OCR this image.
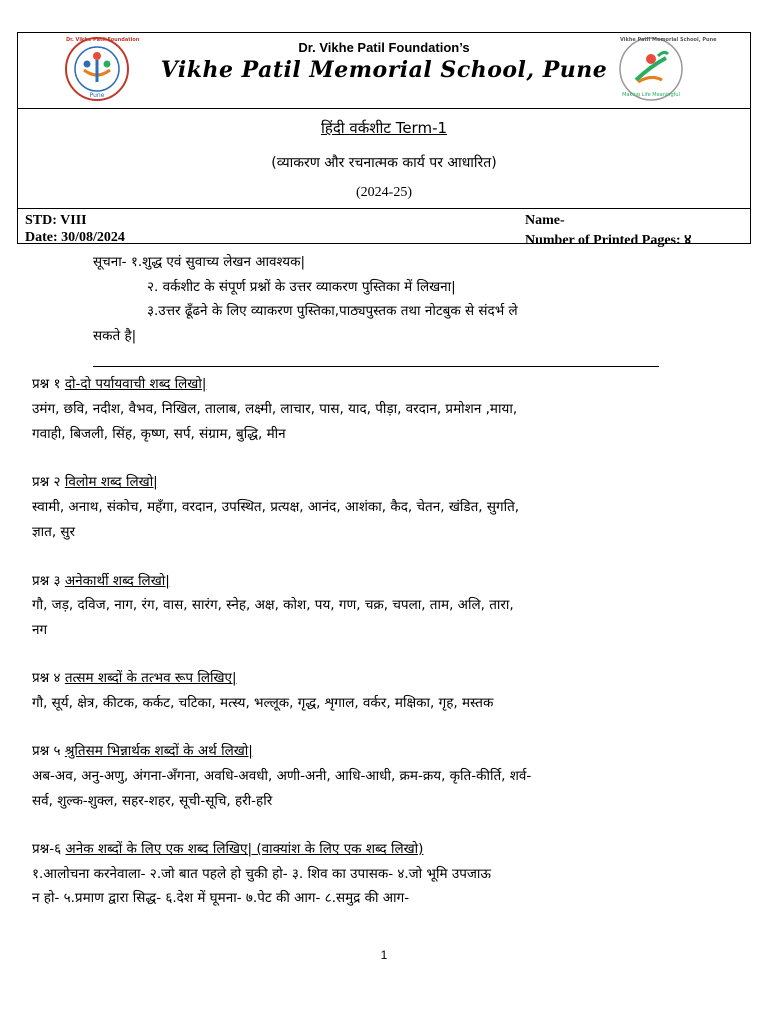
Dr. Vikhe Patil Foundation
Pune
Vikhe Patil Memorial School, Pune
Making Life Meaningful
Dr. Vikhe Patil Foundation’s
Vikhe Patil Memorial School, Pune
हिंदी वर्कशीट Term-1
(व्याकरण और रचनात्मक कार्य पर आधारित)
(2024-25)
STD: VIII
Date: 30/08/2024
Name-
Number of Printed Pages: ४
सूचना- १.शुद्ध एवं सुवाच्य लेखन आवश्यक|
२. वर्कशीट के संपूर्ण प्रश्नों के उत्तर व्याकरण पुस्तिका में लिखना|
३.उत्तर ढूँढने के लिए व्याकरण पुस्तिका,पाठ्यपुस्तक तथा नोटबुक से संदर्भ ले
सकते है|
प्रश्न १ दो-दो पर्यायवाची शब्द लिखो|
उमंग, छवि, नदीश, वैभव, निखिल, तालाब, लक्ष्मी, लाचार, पास, याद, पीड़ा, वरदान, प्रमोशन ,माया,
गवाही, बिजली, सिंह, कृष्ण, सर्प, संग्राम, बुद्धि, मीन
प्रश्न २ विलोम शब्द लिखो|
स्वामी, अनाथ, संकोच, महँगा, वरदान, उपस्थित, प्रत्यक्ष, आनंद, आशंका, कैद, चेतन, खंडित, सुगति,
ज्ञात, सुर
प्रश्न ३ अनेकार्थी शब्द लिखो|
गौ, जड़, दविज, नाग, रंग, वास, सारंग, स्नेह, अक्ष, कोश, पय, गण, चक्र, चपला, ताम, अलि, तारा,
नग
प्रश्न ४ तत्सम शब्दों के तत्भव रूप लिखिए|
गौ, सूर्य, क्षेत्र, कीटक, कर्कट, चटिका, मत्स्य, भल्लूक, गृद्ध, शृगाल, वर्कर, मक्षिका, गृह, मस्तक
प्रश्न ५ श्रुतिसम भिन्नार्थक शब्दों के अर्थ लिखो|
अब-अव, अनु-अणु, अंगना-अँगना, अवधि-अवधी, अणी-अनी, आधि-आधी, क्रम-क्रय, कृति-कीर्ति, शर्व-
सर्व, शुल्क-शुक्ल, सहर-शहर, सूची-सूचि, हरी-हरि
प्रश्न-६ अनेक शब्दों के लिए एक शब्द लिखिए| (वाक्यांश के लिए एक शब्द लिखो)
१.आलोचना करनेवाला- २.जो बात पहले हो चुकी हो- ३. शिव का उपासक- ४.जो भूमि उपजाऊ
न हो- ५.प्रमाण द्वारा सिद्ध- ६.देश में घूमना- ७.पेट की आग- ८.समुद्र की आग-
1
